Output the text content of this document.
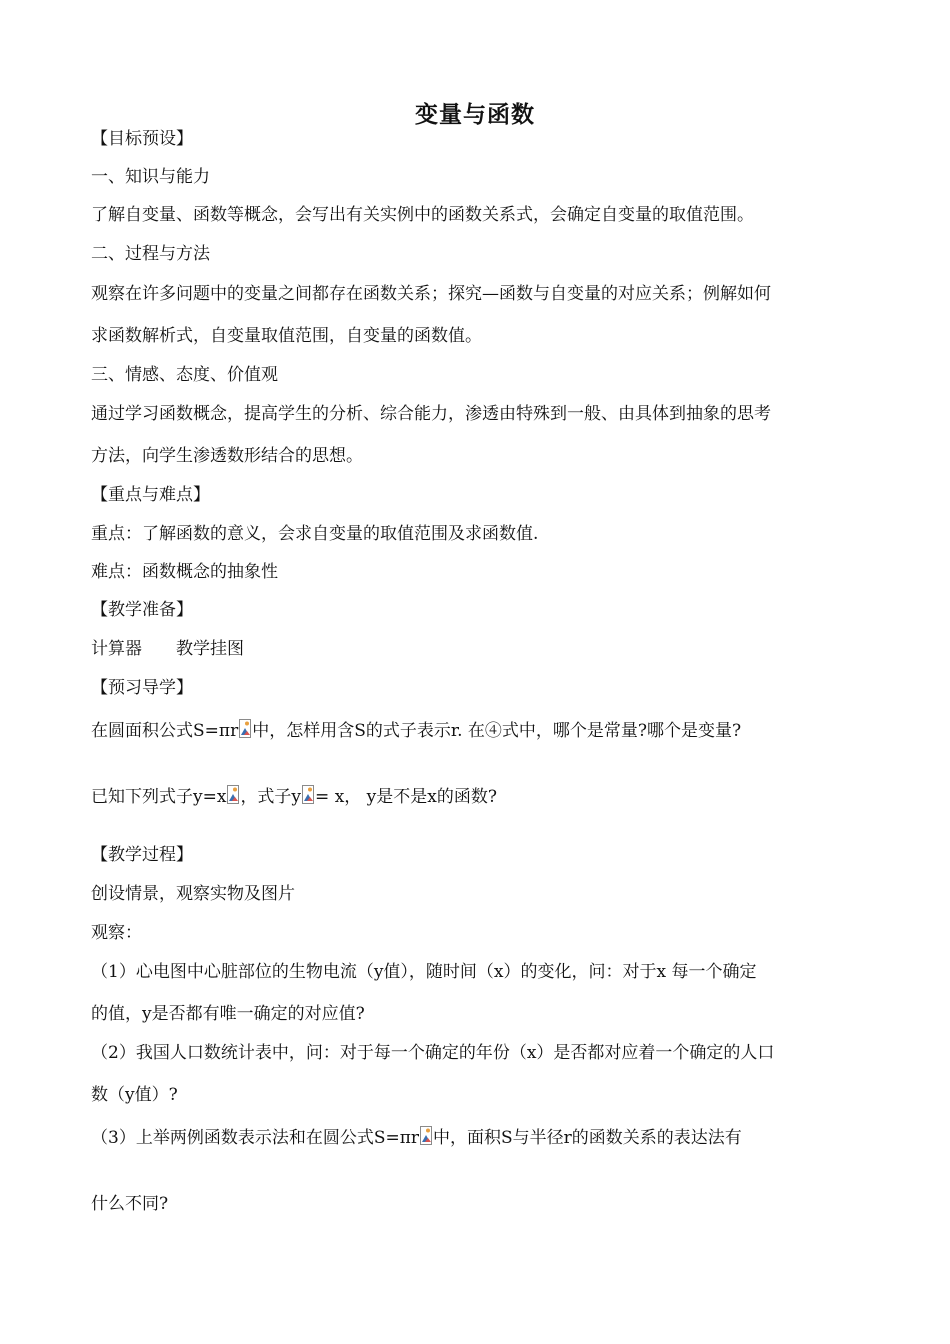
变量与函数
【目标预设】
一、知识与能力
了解自变量、函数等概念，会写出有关实例中的函数关系式，会确定自变量的取值范围。
二、过程与方法
观察在许多问题中的变量之间都存在函数关系；探究—函数与自变量的对应关系；例解如何
求函数解析式，自变量取值范围，自变量的函数值。
三、情感、态度、价值观
通过学习函数概念，提高学生的分析、综合能力，渗透由特殊到一般、由具体到抽象的思考
方法，向学生渗透数形结合的思想。
【重点与难点】
重点：了解函数的意义，会求自变量的取值范围及求函数值.
难点：函数概念的抽象性
【教学准备】
计算器　　教学挂图
【预习导学】
在圆面积公式S=πr 中，怎样用含S的式子表示r. 在④式中，哪个是常量?哪个是变量?
已知下列式子y=x ，式子y = x， y是不是x的函数?
【教学过程】
创设情景，观察实物及图片
观察：
（1）心电图中心脏部位的生物电流（y值），随时间（x）的变化，问：对于x 每一个确定
的值，y是否都有唯一确定的对应值?
（2）我国人口数统计表中，问：对于每一个确定的年份（x）是否都对应着一个确定的人口
数（y值）?
（3）上举两例函数表示法和在圆公式S=πr 中，面积S与半径r的函数关系的表达法有
什么不同?
